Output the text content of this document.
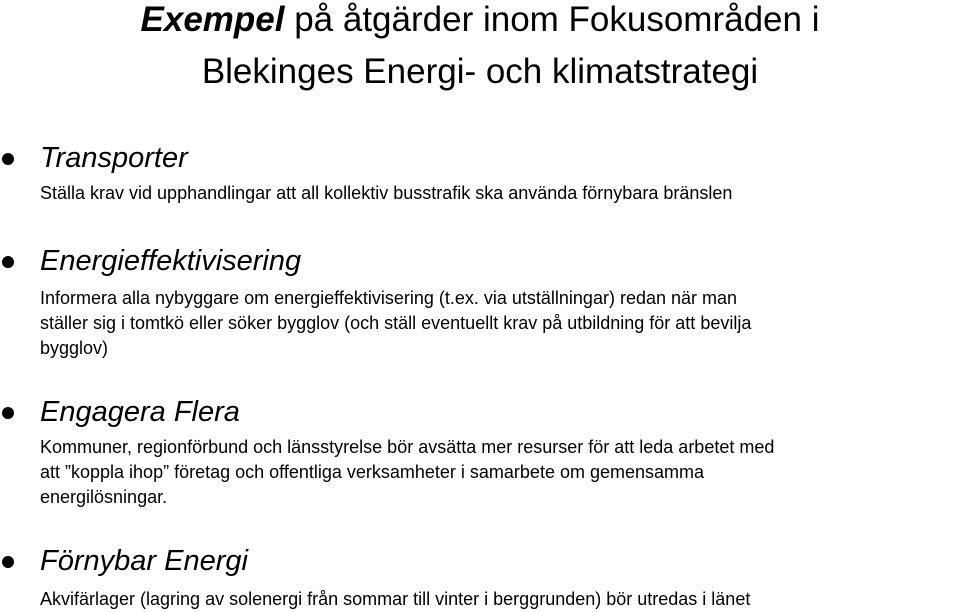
Exempel på åtgärder inom Fokusområden i
Blekinges Energi- och klimatstrategi
Transporter
Ställa krav vid upphandlingar att all kollektiv busstrafik ska använda förnybara bränslen
Energieffektivisering
Informera alla nybyggare om energieffektivisering (t.ex. via utställningar) redan när man
ställer sig i tomtkö eller söker bygglov (och ställ eventuellt krav på utbildning för att bevilja
bygglov)
Engagera Flera
Kommuner, regionförbund och länsstyrelse bör avsätta mer resurser för att leda arbetet med
att ”koppla ihop” företag och offentliga verksamheter i samarbete om gemensamma
energilösningar.
Förnybar Energi
Akvifärlager (lagring av solenergi från sommar till vinter i berggrunden) bör utredas i länet
